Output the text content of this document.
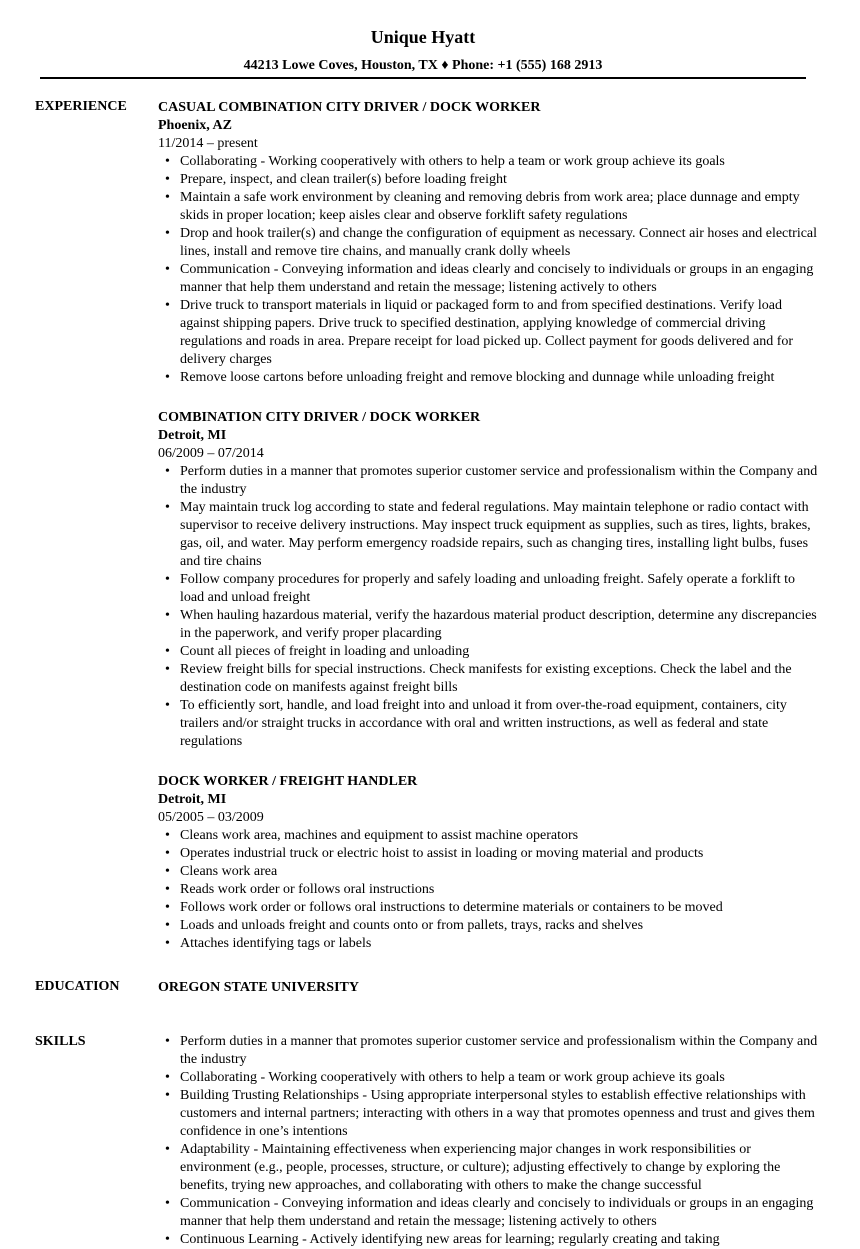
Unique Hyatt
44213 Lowe Coves, Houston, TX ♦ Phone: +1 (555) 168 2913
EXPERIENCE CASUAL COMBINATION CITY DRIVER / DOCK WORKER
Phoenix, AZ
11/2014 – present
• Collaborating - Working cooperatively with others to help a team or work group achieve its goals
• Prepare, inspect, and clean trailer(s) before loading freight
• Maintain a safe work environment by cleaning and removing debris from work area; place dunnage and empty skids in proper location; keep aisles clear and observe forklift safety regulations
• Drop and hook trailer(s) and change the configuration of equipment as necessary. Connect air hoses and electrical lines, install and remove tire chains, and manually crank dolly wheels
• Communication - Conveying information and ideas clearly and concisely to individuals or groups in an engaging manner that help them understand and retain the message; listening actively to others
• Drive truck to transport materials in liquid or packaged form to and from specified destinations. Verify load against shipping papers. Drive truck to specified destination, applying knowledge of commercial driving regulations and roads in area. Prepare receipt for load picked up. Collect payment for goods delivered and for delivery charges
• Remove loose cartons before unloading freight and remove blocking and dunnage while unloading freight
COMBINATION CITY DRIVER / DOCK WORKER
Detroit, MI
06/2009 – 07/2014
• Perform duties in a manner that promotes superior customer service and professionalism within the Company and the industry
• May maintain truck log according to state and federal regulations. May maintain telephone or radio contact with supervisor to receive delivery instructions. May inspect truck equipment as supplies, such as tires, lights, brakes, gas, oil, and water. May perform emergency roadside repairs, such as changing tires, installing light bulbs, fuses and tire chains
• Follow company procedures for properly and safely loading and unloading freight. Safely operate a forklift to load and unload freight
• When hauling hazardous material, verify the hazardous material product description, determine any discrepancies in the paperwork, and verify proper placarding
• Count all pieces of freight in loading and unloading
• Review freight bills for special instructions. Check manifests for existing exceptions. Check the label and the destination code on manifests against freight bills
• To efficiently sort, handle, and load freight into and unload it from over-the-road equipment, containers, city trailers and/or straight trucks in accordance with oral and written instructions, as well as federal and state regulations
DOCK WORKER / FREIGHT HANDLER
Detroit, MI
05/2005 – 03/2009
• Cleans work area, machines and equipment to assist machine operators
• Operates industrial truck or electric hoist to assist in loading or moving material and products
• Cleans work area
• Reads work order or follows oral instructions
• Follows work order or follows oral instructions to determine materials or containers to be moved
• Loads and unloads freight and counts onto or from pallets, trays, racks and shelves
• Attaches identifying tags or labels
EDUCATION	OREGON STATE UNIVERSITY
SKILLS
•	Perform duties in a manner that promotes superior customer service and professionalism within the Company and the industry
• Collaborating - Working cooperatively with others to help a team or work group achieve its goals
• Building Trusting Relationships - Using appropriate interpersonal styles to establish effective relationships with customers and internal partners; interacting with others in a way that promotes openness and trust and gives them confidence in one’s intentions
• Adaptability - Maintaining effectiveness when experiencing major changes in work responsibilities or environment (e.g., people, processes, structure, or culture); adjusting effectively to change by exploring the benefits, trying new approaches, and collaborating with others to make the change successful
• Communication - Conveying information and ideas clearly and concisely to individuals or groups in an engaging manner that help them understand and retain the message; listening actively to others
• Continuous Learning - Actively identifying new areas for learning; regularly creating and taking
